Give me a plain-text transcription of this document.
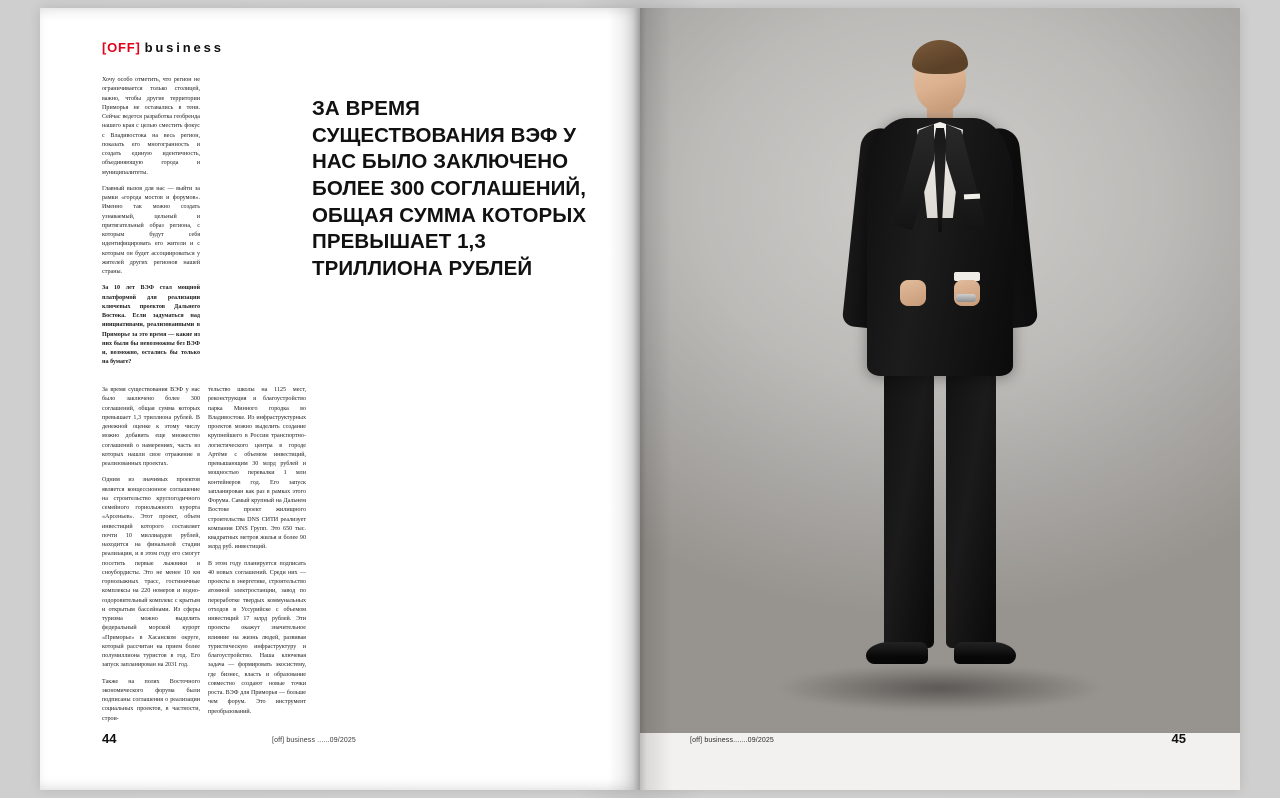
[OFF] business

Хочу особо отметить, что регион не ограничивается только столицей, важно, чтобы другие территории Приморья не оставались в тени. Сейчас ведется разработка геобренда нашего края с целью сместить фокус с Владивостока на весь регион, показать его многогранность и создать единую идентичность, объединяющую города и муниципалитеты.

Главный вызов для нас — выйти за рамки «города мостов и форумов». Именно так можно создать узнаваемый, цельный и притягательный образ региона, с которым будут себя идентифицировать его жители и с которым он будет ассоциироваться у жителей других регионов нашей страны.

За 10 лет ВЭФ стал мощной платформой для реализации ключевых проектов Дальнего Востока. Если задуматься над инициативами, реализованными в Приморье за это время — какие из них были бы невозможны без ВЭФ и, возможно, остались бы только на бумаге?

За время существования ВЭФ у нас было заключено более 300 соглашений, общая сумма которых превышает 1,3 триллиона рублей. В денежной оценке к этому числу можно добавить еще множество соглашений о намерениях, часть из которых нашли свое отражение в реализованных проектах.

Одним из значимых проектов является концессионное соглашение на строительство круглогодичного семейного горнолыжного курорта «Арсеньев». Этот проект, объем инвестиций которого составляет почти 10 миллиардов рублей, находится на финальной стадии реализации, и в этом году его смогут посетить первые лыжники и сноубордисты. Это не менее 10 км горнолыжных трасс, гостиничные комплексы на 220 номеров и водно-оздоровительный комплекс с крытым и открытым бассейнами. Из сферы туризма можно выделить федеральный морской курорт «Приморье» в Хасанском округе, который рассчитан на прием более полумиллиона туристов в год. Его запуск запланирован на 2031 год.

Также на полях Восточного экономического форума были подписаны соглашения о реализации социальных проектов, в частности, строи-

тельство школы на 1125 мест, реконструкция и благоустройство парка Минного городка во Владивостоке. Из инфраструктурных проектов можно выделить создание крупнейшего в России транспортно-логистического центра в городе Артёме с объемом инвестиций, превышающим 30 млрд рублей и мощностью перевалки 1 млн контейнеров год. Его запуск запланирован как раз в рамках этого Форума. Самый крупный на Дальнем Востоке проект жилищного строительства DNS СИТИ реализует компания DNS Групп. Это 650 тыс. квадратных метров жилья и более 90 млрд руб. инвестиций.

В этом году планируется подписать 40 новых соглашений. Среди них — проекты в энергетике, строительство атомной электростанции, завод по переработке твердых коммунальных отходов в Уссурийске с объемом инвестиций 17 млрд рублей. Эти проекты окажут значительное влияние на жизнь людей, развивая туристическую инфраструктуру и благоустройство. Наша ключевая задача — формировать экосистему, где бизнес, власть и образование совместно создают новые точки роста. ВЭФ для Приморья — больше чем форум. Это инструмент преобразований.

ЗА ВРЕМЯ СУЩЕСТВОВАНИЯ ВЭФ У НАС БЫЛО ЗАКЛЮЧЕНО БОЛЕЕ 300 СОГЛАШЕНИЙ, ОБЩАЯ СУММА КОТОРЫХ ПРЕВЫШАЕТ 1,3 ТРИЛЛИОНА РУБЛЕЙ
44	[off] business ......09/2025	[off] business.......09/2025	45
